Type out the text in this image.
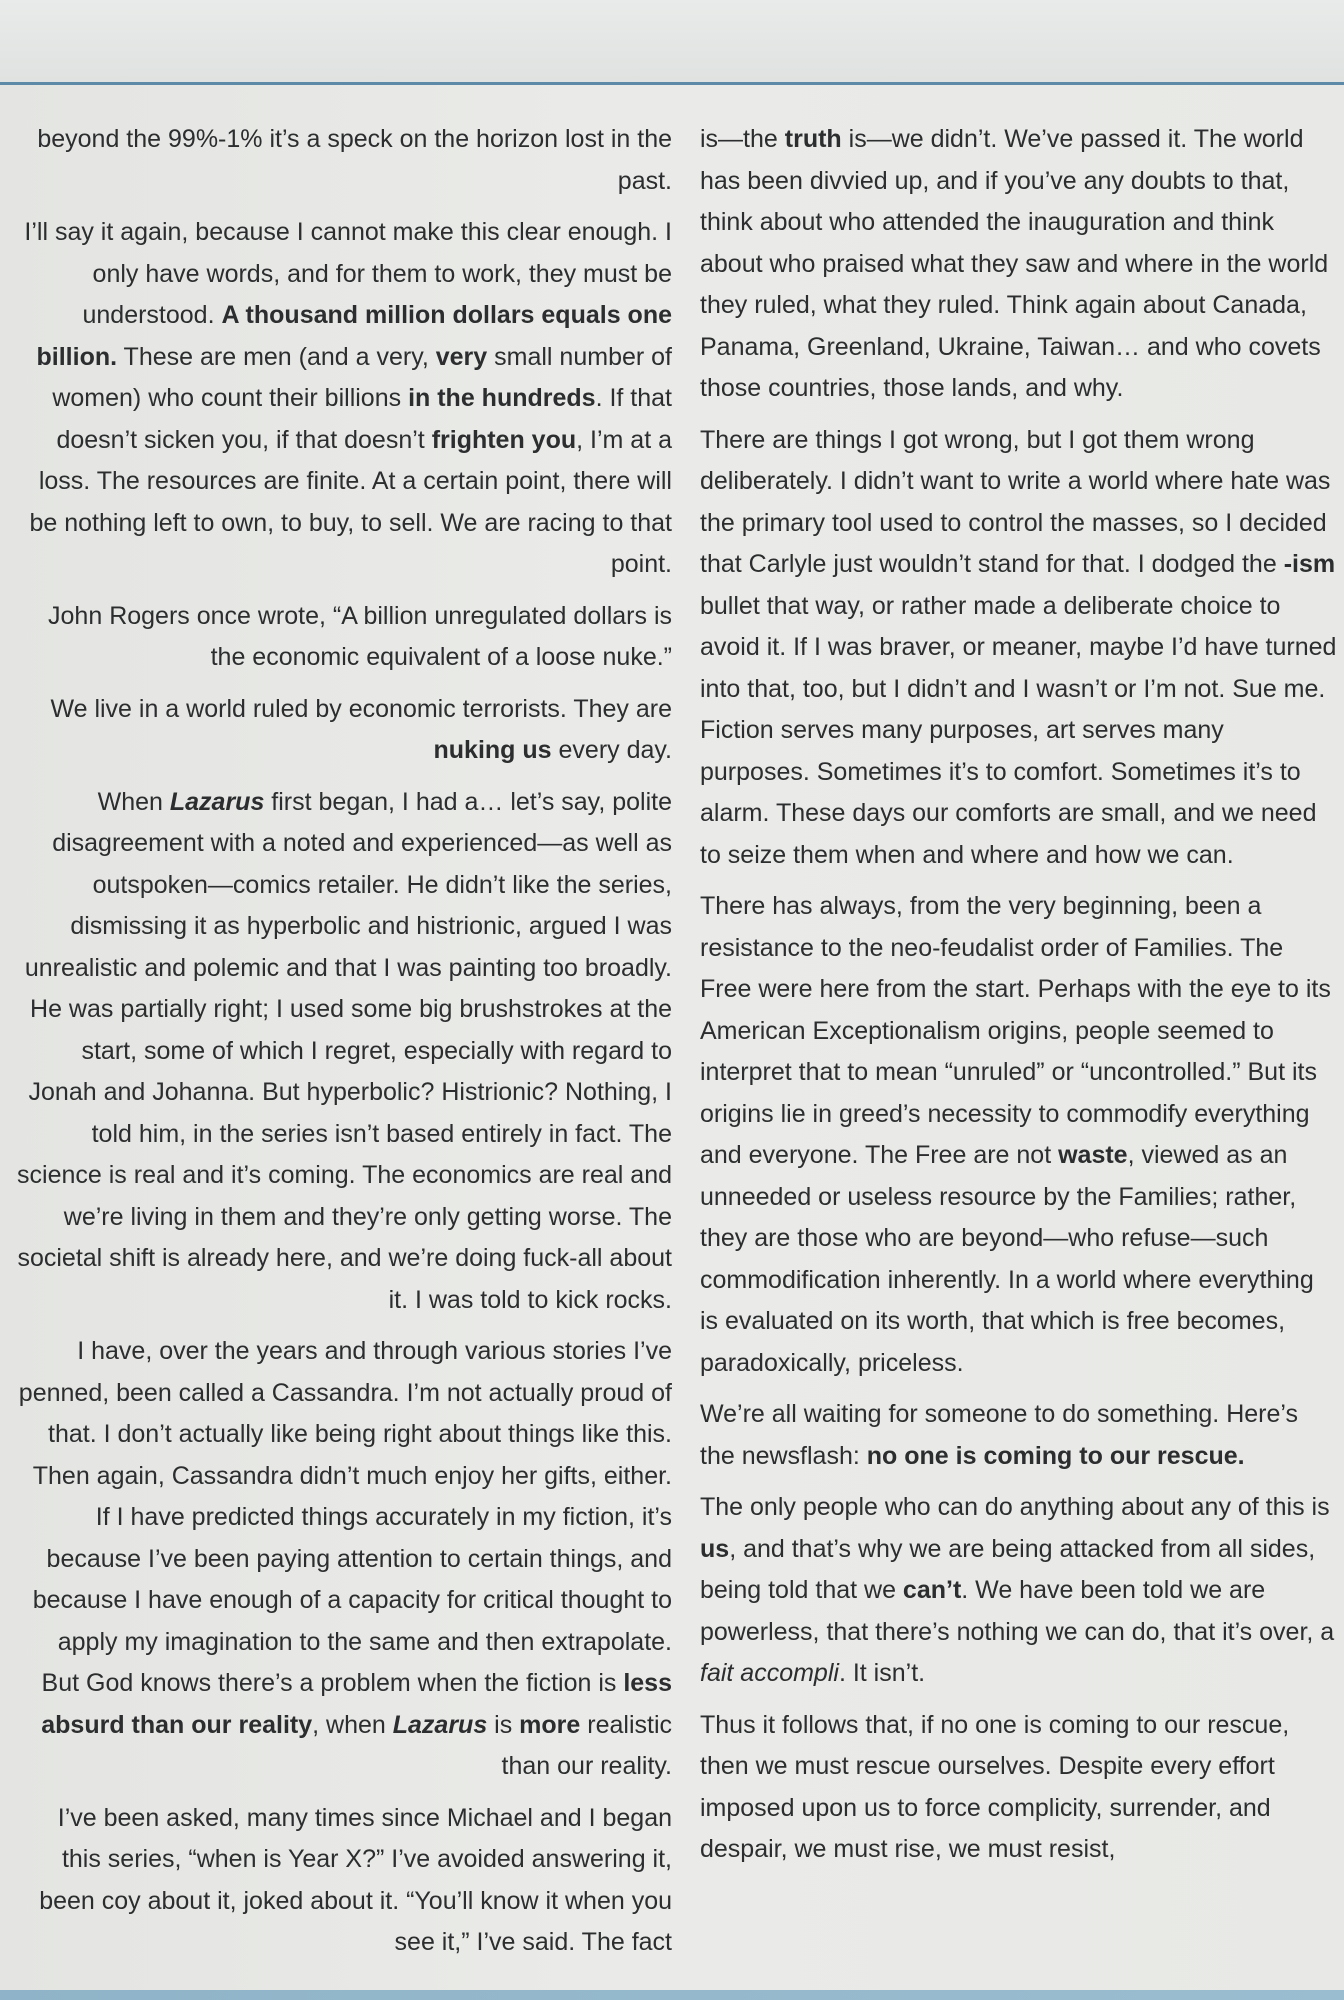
beyond the 99%-1% it’s a speck on the horizon lost in the past.

I’ll say it again, because I cannot make this clear enough. I only have words, and for them to work, they must be understood. A thousand million dollars equals one billion. These are men (and a very, very small number of women) who count their billions in the hundreds. If that doesn’t sicken you, if that doesn’t frighten you, I’m at a loss. The resources are finite. At a certain point, there will be nothing left to own, to buy, to sell. We are racing to that point.

John Rogers once wrote, “A billion unregulated dollars is the economic equivalent of a loose nuke.”

We live in a world ruled by economic terrorists. They are nuking us every day.

When Lazarus first began, I had a… let’s say, polite disagreement with a noted and experienced—as well as outspoken—comics retailer. He didn’t like the series, dismissing it as hyperbolic and histrionic, argued I was unrealistic and polemic and that I was painting too broadly. He was partially right; I used some big brushstrokes at the start, some of which I regret, especially with regard to Jonah and Johanna. But hyperbolic? Histrionic? Nothing, I told him, in the series isn’t based entirely in fact. The science is real and it’s coming. The economics are real and we’re living in them and they’re only getting worse. The societal shift is already here, and we’re doing fuck-all about it. I was told to kick rocks.

I have, over the years and through various stories I’ve penned, been called a Cassandra. I’m not actually proud of that. I don’t actually like being right about things like this. Then again, Cassandra didn’t much enjoy her gifts, either. If I have predicted things accurately in my fiction, it’s because I’ve been paying attention to certain things, and because I have enough of a capacity for critical thought to apply my imagination to the same and then extrapolate. But God knows there’s a problem when the fiction is less absurd than our reality, when Lazarus is more realistic than our reality.

I’ve been asked, many times since Michael and I began this series, “when is Year X?” I’ve avoided answering it, been coy about it, joked about it. “You’ll know it when you see it,” I’ve said. The fact

is—the truth is—we didn’t. We’ve passed it. The world has been divvied up, and if you’ve any doubts to that, think about who attended the inauguration and think about who praised what they saw and where in the world they ruled, what they ruled. Think again about Canada, Panama, Greenland, Ukraine, Taiwan… and who covets those countries, those lands, and why.

There are things I got wrong, but I got them wrong deliberately. I didn’t want to write a world where hate was the primary tool used to control the masses, so I decided that Carlyle just wouldn’t stand for that. I dodged the -ism bullet that way, or rather made a deliberate choice to avoid it. If I was braver, or meaner, maybe I’d have turned into that, too, but I didn’t and I wasn’t or I’m not. Sue me. Fiction serves many purposes, art serves many purposes. Sometimes it’s to comfort. Sometimes it’s to alarm. These days our comforts are small, and we need to seize them when and where and how we can.

There has always, from the very beginning, been a resistance to the neo-feudalist order of Families. The Free were here from the start. Perhaps with the eye to its American Exceptionalism origins, people seemed to interpret that to mean “unruled” or “uncontrolled.” But its origins lie in greed’s necessity to commodify everything and everyone. The Free are not waste, viewed as an unneeded or useless resource by the Families; rather, they are those who are beyond—who refuse—such commodification inherently. In a world where everything is evaluated on its worth, that which is free becomes, paradoxically, priceless.

We’re all waiting for someone to do something. Here’s the newsflash: no one is coming to our rescue.

The only people who can do anything about any of this is us, and that’s why we are being attacked from all sides, being told that we can’t. We have been told we are powerless, that there’s nothing we can do, that it’s over, a fait accompli. It isn’t.

Thus it follows that, if no one is coming to our rescue, then we must rescue ourselves. Despite every effort imposed upon us to force complicity, surrender, and despair, we must rise, we must resist,
